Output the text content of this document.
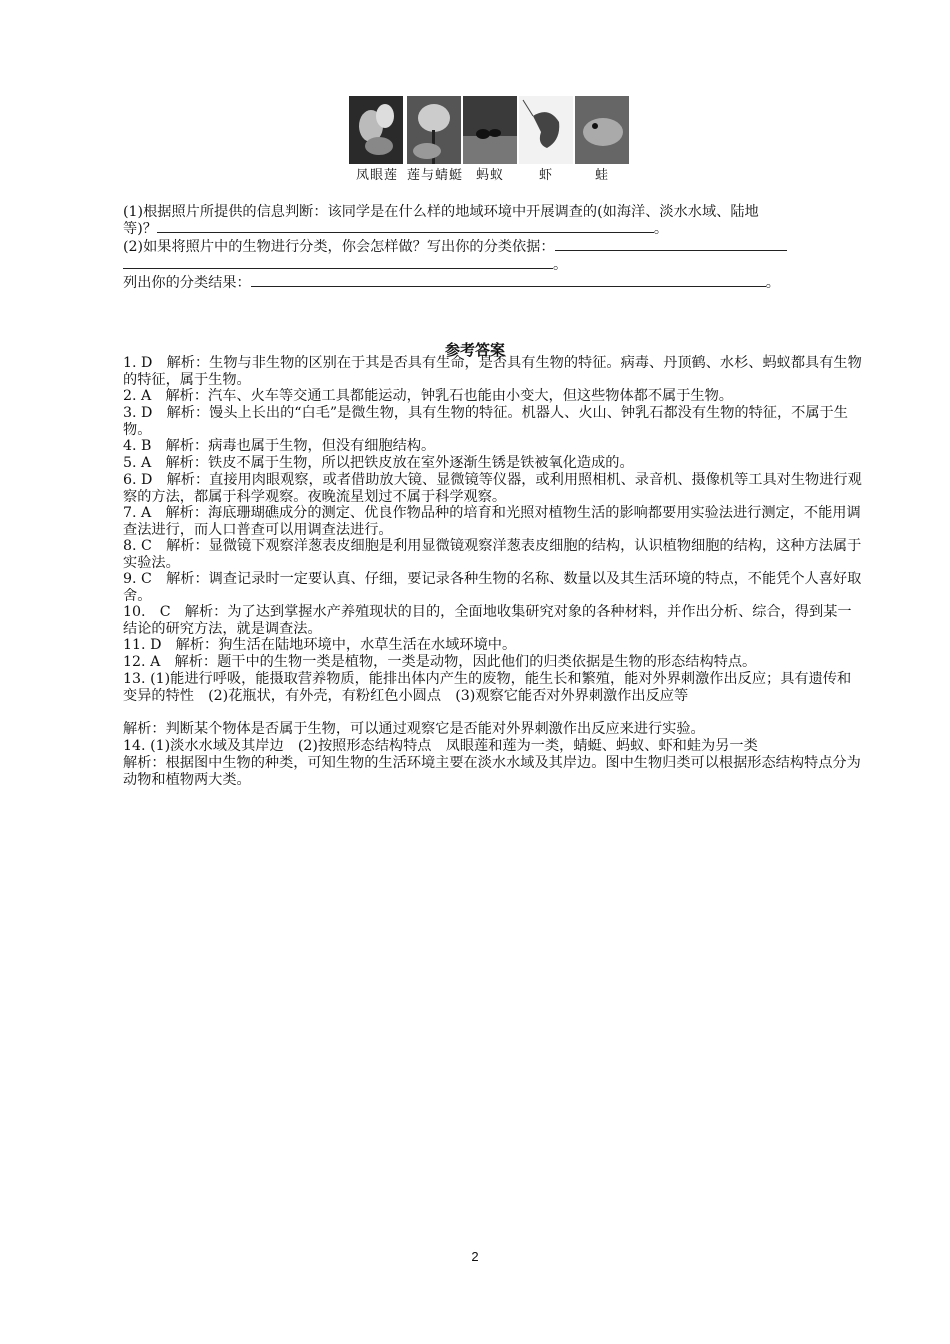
凤眼莲 莲与蜻蜓 蚂蚁	虾	蛙
(1)根据照片所提供的信息判断：该同学是在什么样的地域环境中开展调查的(如海洋、淡水水域、陆地
等)？	。
(2)如果将照片中的生物进行分类，你会怎样做？写出你的分类依据：
。
列出你的分类结果：	。
参考答案
1. D　解析：生物与非生物的区别在于其是否具有生命，是否具有生物的特征。病毒、丹顶鹤、水杉、蚂蚁都具有生物的特征，属于生物。
2. A　解析：汽车、火车等交通工具都能运动，钟乳石也能由小变大，但这些物体都不属于生物。
3. D　解析：馒头上长出的“白毛”是微生物，具有生物的特征。机器人、火山、钟乳石都没有生物的特征，不属于生物。
4. B　解析：病毒也属于生物，但没有细胞结构。
5. A　解析：铁皮不属于生物，所以把铁皮放在室外逐渐生锈是铁被氧化造成的。
6. D　解析：直接用肉眼观察，或者借助放大镜、显微镜等仪器，或利用照相机、录音机、摄像机等工具对生物进行观察的方法，都属于科学观察。夜晚流星划过不属于科学观察。
7. A　解析：海底珊瑚礁成分的测定、优良作物品种的培育和光照对植物生活的影响都要用实验法进行测定，不能用调查法进行，而人口普查可以用调查法进行。
8. C　解析：显微镜下观察洋葱表皮细胞是利用显微镜观察洋葱表皮细胞的结构，认识植物细胞的结构，这种方法属于实验法。
9. C　解析：调查记录时一定要认真、仔细，要记录各种生物的名称、数量以及其生活环境的特点，不能凭个人喜好取舍。
10.　C　解析：为了达到掌握水产养殖现状的目的，全面地收集研究对象的各种材料，并作出分析、综合，得到某一结论的研究方法，就是调查法。
11. D　解析：狗生活在陆地环境中，水草生活在水域环境中。
12. A　解析：题干中的生物一类是植物，一类是动物，因此他们的归类依据是生物的形态结构特点。
13. (1)能进行呼吸，能摄取营养物质，能排出体内产生的废物，能生长和繁殖，能对外界刺激作出反应；具有遗传和变异的特性　(2)花瓶状，有外壳，有粉红色小圆点　(3)观察它能否对外界刺激作出反应等
解析：判断某个物体是否属于生物，可以通过观察它是否能对外界刺激作出反应来进行实验。
14. (1)淡水水域及其岸边　(2)按照形态结构特点　凤眼莲和莲为一类，蜻蜓、蚂蚁、虾和蛙为另一类
解析：根据图中生物的种类，可知生物的生活环境主要在淡水水域及其岸边。图中生物归类可以根据形态结构特点分为动物和植物两大类。
2
